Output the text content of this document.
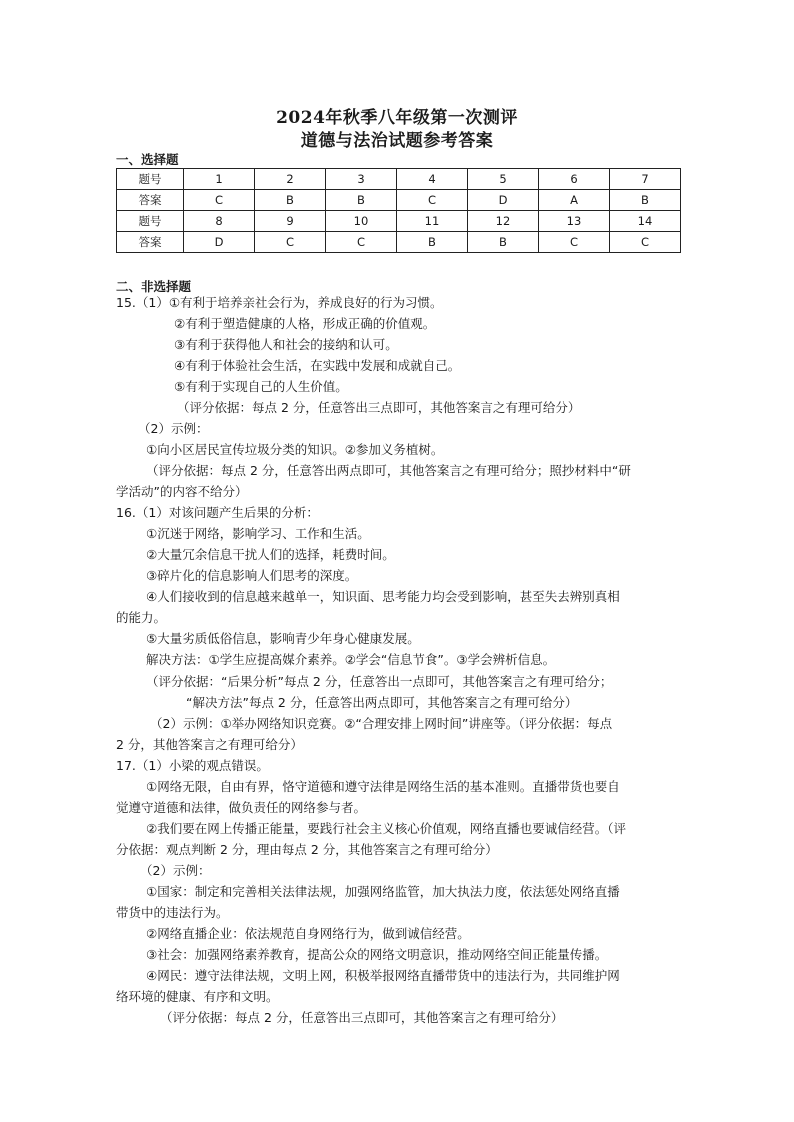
2024年秋季八年级第一次测评
道德与法治试题参考答案
一、选择题
题号	1	2	3	4	5	6	7
答案	C	B	B	C	D	A	B
题号	8	9	10	11	12	13	14
答案	D	C	C	B	B	C	C
二、非选择题
15.（1）①有利于培养亲社会行为，养成良好的行为习惯。
②有利于塑造健康的人格，形成正确的价值观。
③有利于获得他人和社会的接纳和认可。
④有利于体验社会生活，在实践中发展和成就自己。
⑤有利于实现自己的人生价值。
（评分依据：每点 2 分，任意答出三点即可，其他答案言之有理可给分）
（2）示例：
①向小区居民宣传垃圾分类的知识。②参加义务植树。
（评分依据：每点 2 分，任意答出两点即可，其他答案言之有理可给分；照抄材料中“研
学活动”的内容不给分）
16.（1）对该问题产生后果的分析：
①沉迷于网络，影响学习、工作和生活。
②大量冗余信息干扰人们的选择，耗费时间。
③碎片化的信息影响人们思考的深度。
④人们接收到的信息越来越单一，知识面、思考能力均会受到影响，甚至失去辨别真相
的能力。
⑤大量劣质低俗信息，影响青少年身心健康发展。
解决方法：①学生应提高媒介素养。②学会“信息节食”。③学会辨析信息。
（评分依据：“后果分析”每点 2 分，任意答出一点即可，其他答案言之有理可给分；
“解决方法”每点 2 分，任意答出两点即可，其他答案言之有理可给分）
（2）示例：①举办网络知识竞赛。②“合理安排上网时间”讲座等。（评分依据：每点
2 分，其他答案言之有理可给分）
17.（1）小梁的观点错误。
①网络无限，自由有界，恪守道德和遵守法律是网络生活的基本准则。直播带货也要自
觉遵守道德和法律，做负责任的网络参与者。
②我们要在网上传播正能量，要践行社会主义核心价值观，网络直播也要诚信经营。（评
分依据：观点判断 2 分，理由每点 2 分，其他答案言之有理可给分）
（2）示例：
①国家：制定和完善相关法律法规，加强网络监管，加大执法力度，依法惩处网络直播
带货中的违法行为。
②网络直播企业：依法规范自身网络行为，做到诚信经营。
③社会：加强网络素养教育，提高公众的网络文明意识，推动网络空间正能量传播。
④网民：遵守法律法规，文明上网，积极举报网络直播带货中的违法行为，共同维护网
络环境的健康、有序和文明。
（评分依据：每点 2 分，任意答出三点即可，其他答案言之有理可给分）
